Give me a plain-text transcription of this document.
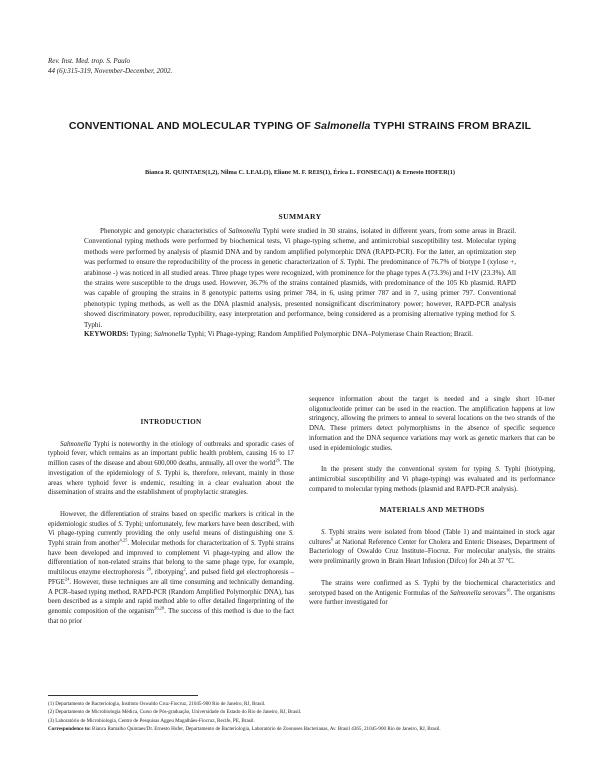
Rev. Inst. Med. trop. S. Paulo
44 (6):315-319, November-December, 2002.
CONVENTIONAL AND MOLECULAR TYPING OF Salmonella TYPHI STRAINS FROM BRAZIL
Bianca R. QUINTAES(1,2), Nilma C. LEAL(3), Eliane M. F. REIS(1), Érica L. FONSECA(1) & Ernesto HOFER(1)
SUMMARY
Phenotypic and genotypic characteristics of Salmonella Typhi were studied in 30 strains, isolated in different years, from some areas in Brazil. Conventional typing methods were performed by biochemical tests, Vi phage-typing scheme, and antimicrobial susceptibility test. Molecular typing methods were performed by analysis of plasmid DNA and by random amplified polymorphic DNA (RAPD-PCR). For the latter, an optimization step was performed to ensure the reproducibility of the process in genetic characterization of S. Typhi. The predominance of 76.7% of biotype I (xylose +, arabinose -) was noticed in all studied areas. Three phage types were recognized, with prominence for the phage types A (73.3%) and I+IV (23.3%). All the strains were susceptible to the drugs used. However, 36.7% of the strains contained plasmids, with predominance of the 105 Kb plasmid. RAPD was capable of grouping the strains in 8 genotypic patterns using primer 784, in 6, using primer 787 and in 7, using primer 797. Conventional phenotypic typing methods, as well as the DNA plasmid analysis, presented nonsignificant discriminatory power; however, RAPD-PCR analysis showed discriminatory power, reproducibility, easy interpretation and performance, being considered as a promising alternative typing method for S. Typhi.
KEYWORDS: Typing; Salmonella Typhi; Vi Phage-typing; Random Amplified Polymorphic DNA–Polymerase Chain Reaction; Brazil.
INTRODUCTION

Salmonella Typhi is noteworthy in the etiology of outbreaks and sporadic cases of typhoid fever, which remains as an important public health problem, causing 16 to 17 million cases of the disease and about 600,000 deaths, annually, all over the world$^{26}$. The investigation of the epidemiology of S. Typhi is, therefore, relevant, mainly in those areas where typhoid fever is endemic, resulting in a clear evaluation about the dissemination of strains and the establishment of prophylactic strategies.

However, the differentiation of strains based on specific markers is critical in the epidemiologic studies of S. Typhi; unfortunately, few markers have been described, with Vi phage-typing currently providing the only useful means of distinguishing one S. Typhi strain from another$^{4,25}$. Molecular methods for characterization of S. Typhi strains have been developed and improved to complement Vi phage-typing and allow the differentiation of non-related strains that belong to the same phage type, for example, multilocus enzyme electrophoresis $^{20}$, ribotyping$^2$, and pulsed field gel electrophoresis – PFGE$^{24}$. However, these techniques are all time consuming and technically demanding. A PCR–based typing method, RAPD-PCR (Random Amplified Polymorphic DNA), has been described as a simple and rapid method able to offer detailed fingerprinting of the genomic composition of the organism$^{26,28}$. The success of this method is due to the fact that no prior

sequence information about the target is needed and a single short 10-mer oligonucleotide primer can be used in the reaction. The amplification happens at low stringency, allowing the primers to anneal to several locations on the two strands of the DNA. These primers detect polymorphisms in the absence of specific sequence information and the DNA sequence variations may work as genetic markers that can be used in epidemiologic studies.

In the present study the conventional system for typing S. Typhi (biotyping, antimicrobial susceptibility and Vi phage-typing) was evaluated and its performance compared to molecular typing methods (plasmid and RAPD-PCR analysis).

MATERIALS AND METHODS

S. Typhi strains were isolated from blood (Table 1) and maintained in stock agar cultures$^6$ at National Reference Center for Cholera and Enteric Diseases, Department of Bacteriology of Oswaldo Cruz Institute–Fiocruz. For molecular analysis, the strains were preliminarily grown in Brain Heart Infusion (Difco) for 24h at 37 ºC.

The strains were confirmed as S. Typhi by the biochemical characteristics and serotyped based on the Antigenic Formulas of the Salmonella serovars$^{16}$. The organisms were further investigated for

(1) Departamento de Bacteriologia, Instituto Oswaldo Cruz-Fiocruz, 21045-900 Rio de Janeiro, RJ, Brasil.
(2) Departamento de Microbiologia Médica, Curso de Pós-graduação, Universidade do Estado do Rio de Janeiro, RJ, Brasil.
(3) Laboratório de Microbiologia, Centro de Pesquisas Aggeu Magalhães-Fiocruz, Recife, PE, Brasil.
Correspondence to: Bianca Ramalho Quintaes/Dr. Ernesto Hofer, Departamento de Bacteriologia, Laboratório de Zoonoses Bacterianas, Av. Brasil 4365, 21045-900 Rio de Janeiro, RJ, Brasil.
